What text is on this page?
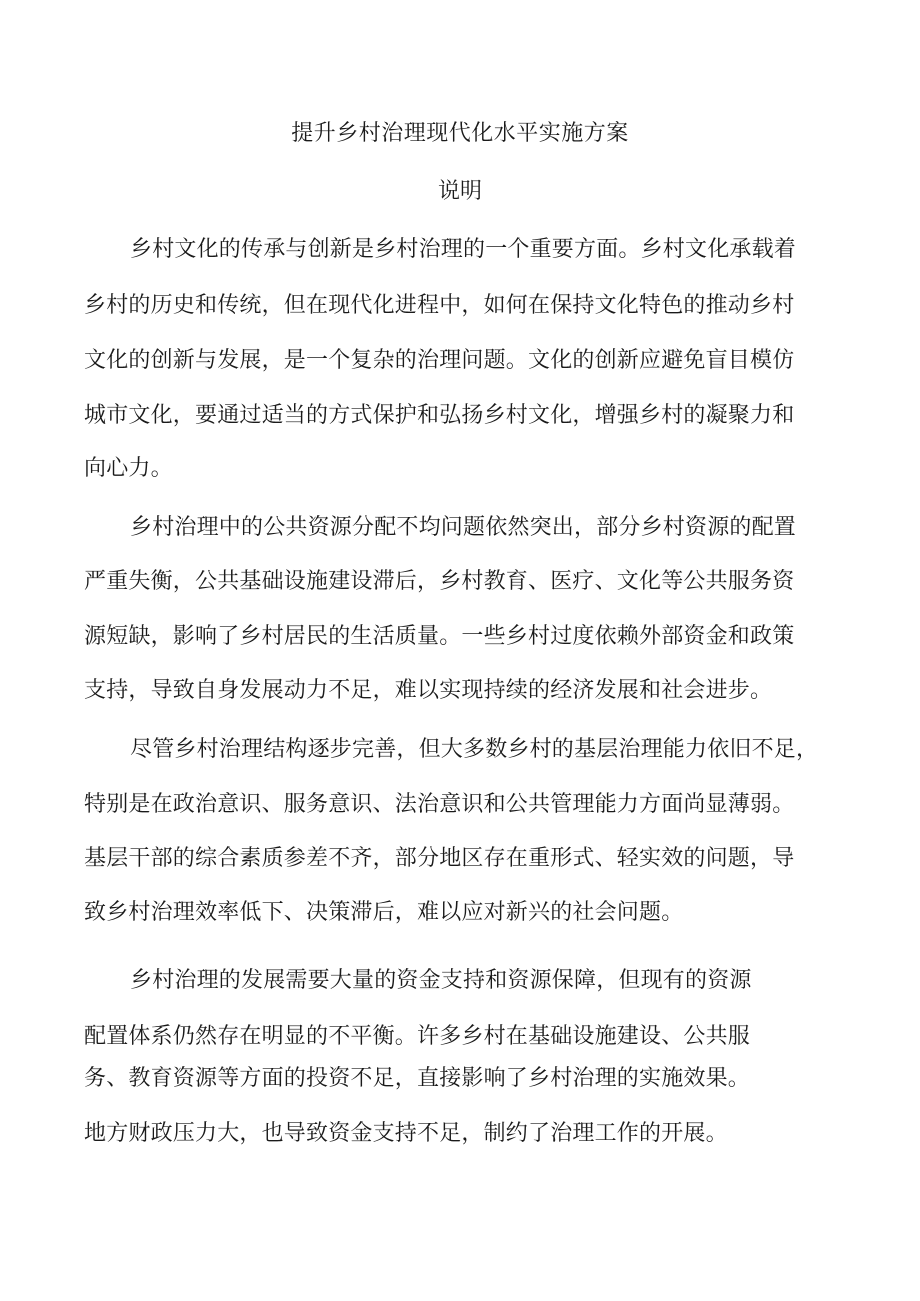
提升乡村治理现代化水平实施方案
说明
乡村文化的传承与创新是乡村治理的一个重要方面。乡村文化承载着
乡村的历史和传统，但在现代化进程中，如何在保持文化特色的推动乡村
文化的创新与发展，是一个复杂的治理问题。文化的创新应避免盲目模仿
城市文化，要通过适当的方式保护和弘扬乡村文化，增强乡村的凝聚力和
向心力。
乡村治理中的公共资源分配不均问题依然突出，部分乡村资源的配置
严重失衡，公共基础设施建设滞后，乡村教育、医疗、文化等公共服务资
源短缺，影响了乡村居民的生活质量。一些乡村过度依赖外部资金和政策
支持，导致自身发展动力不足，难以实现持续的经济发展和社会进步。
尽管乡村治理结构逐步完善，但大多数乡村的基层治理能力依旧不足，
特别是在政治意识、服务意识、法治意识和公共管理能力方面尚显薄弱。
基层干部的综合素质参差不齐，部分地区存在重形式、轻实效的问题，导
致乡村治理效率低下、决策滞后，难以应对新兴的社会问题。
乡村治理的发展需要大量的资金支持和资源保障，但现有的资源
配置体系仍然存在明显的不平衡。许多乡村在基础设施建设、公共服
务、教育资源等方面的投资不足，直接影响了乡村治理的实施效果。
地方财政压力大，也导致资金支持不足，制约了治理工作的开展。
